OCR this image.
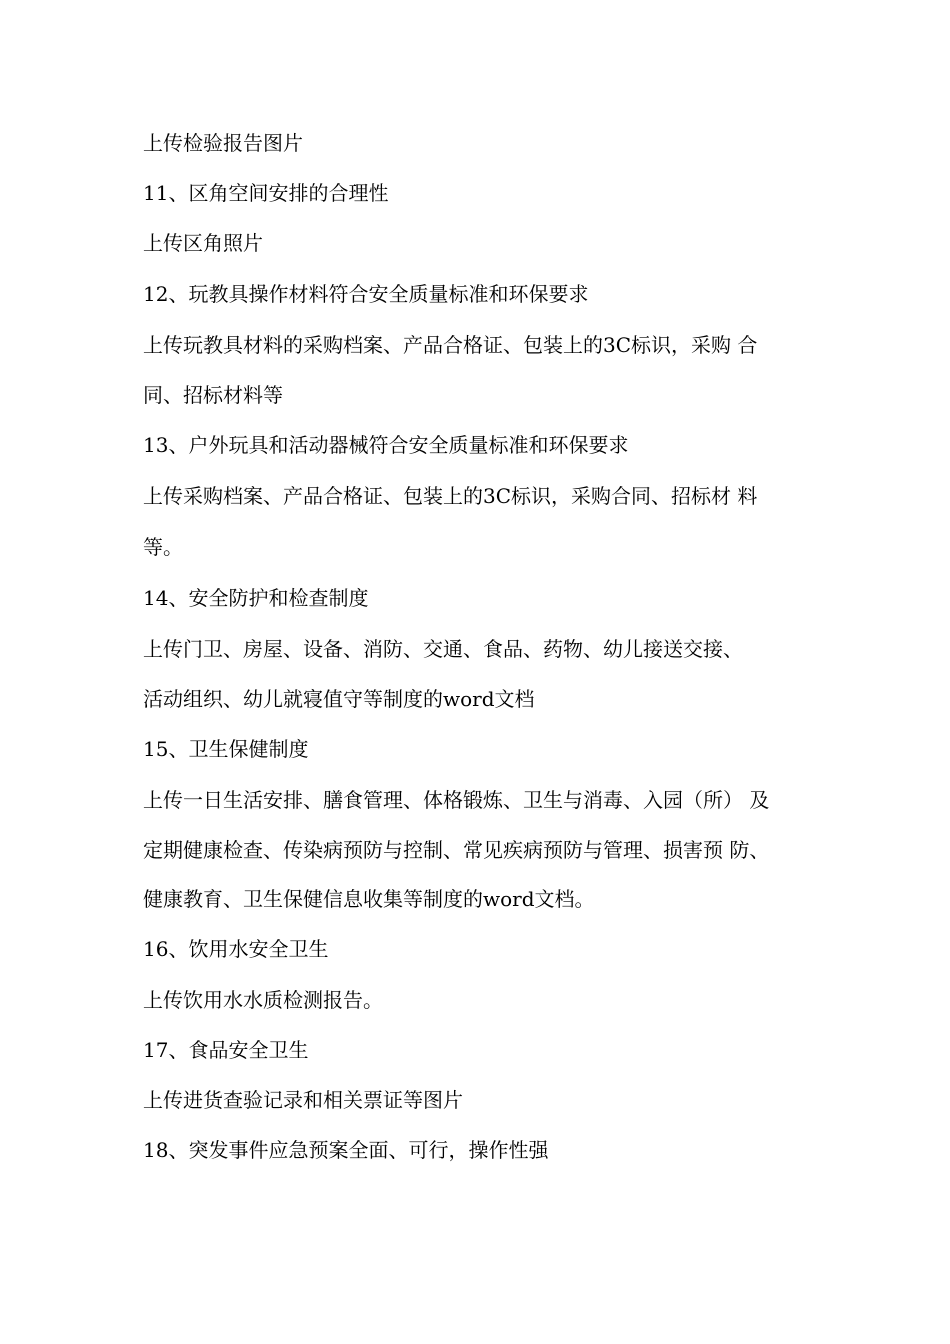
上传检验报告图片
11、区角空间安排的合理性
上传区角照片
12、玩教具操作材料符合安全质量标准和环保要求
上传玩教具材料的采购档案、产品合格证、包装上的3C标识，采购 合
同、招标材料等
13、户外玩具和活动器械符合安全质量标准和环保要求
上传采购档案、产品合格证、包装上的3C标识，采购合同、招标材 料
等。
14、安全防护和检查制度
上传门卫、房屋、设备、消防、交通、食品、药物、幼儿接送交接、
活动组织、幼儿就寝值守等制度的word文档
15、卫生保健制度
上传一日生活安排、膳食管理、体格锻炼、卫生与消毒、入园（所） 及
定期健康检查、传染病预防与控制、常见疾病预防与管理、损害预 防、
健康教育、卫生保健信息收集等制度的word文档。
16、饮用水安全卫生
上传饮用水水质检测报告。
17、食品安全卫生
上传进货查验记录和相关票证等图片
18、突发事件应急预案全面、可行，操作性强
